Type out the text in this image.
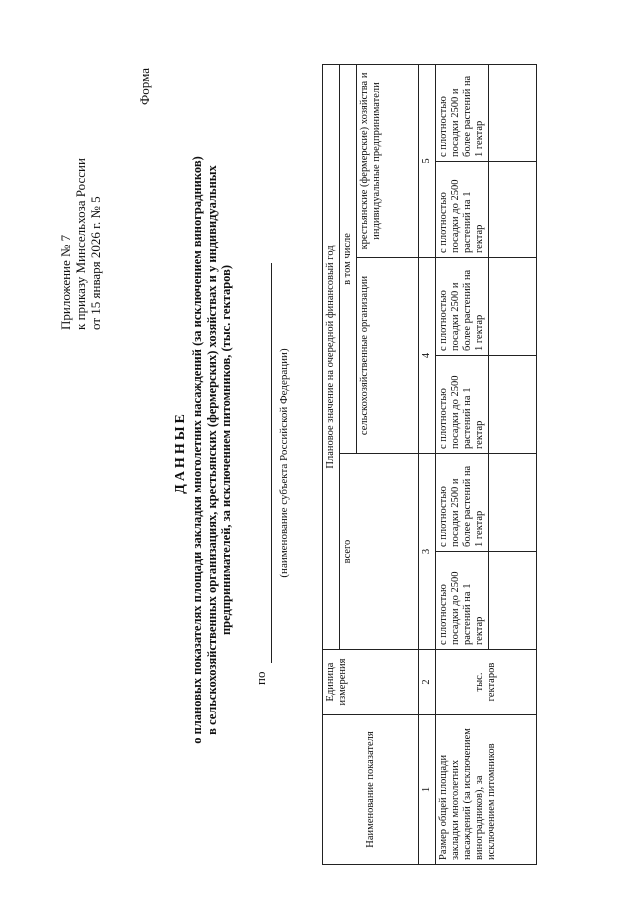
Приложение № 7 к приказу Минсельхоза России от 15 января 2026 г. № 5
Форма
ДАННЫЕ о плановых показателях площади закладки многолетних насаждений (за исключением виноградников) в сельскохозяйственных организациях, крестьянских (фермерских) хозяйствах и у индивидуальных предпринимателей, за исключением питомников, (тыс. гектаров)
по
(наименование субъекта Российской Федерации)
Наименование показателя	Единица измерения	Плановое значение на очередной финансовый год					
		всего		в том числе			
				сельскохозяйственные организации		крестьянские (фермерские) хозяйства и индивидуальные предприниматели	
1	2	3		4		5	
Размер общей площади закладки многолетних насаждений (за исключением виноградников), за исключением питомников	тыс. гектаров	с плотностью посадки до 2500 растений на 1 гектар	с плотностью посадки 2500 и более растений на 1 гектар	с плотностью посадки до 2500 растений на 1 гектар	с плотностью посадки 2500 и более растений на 1 гектар	с плотностью посадки до 2500 растений на 1 гектар	с плотностью посадки 2500 и более растений на 1 гектар
